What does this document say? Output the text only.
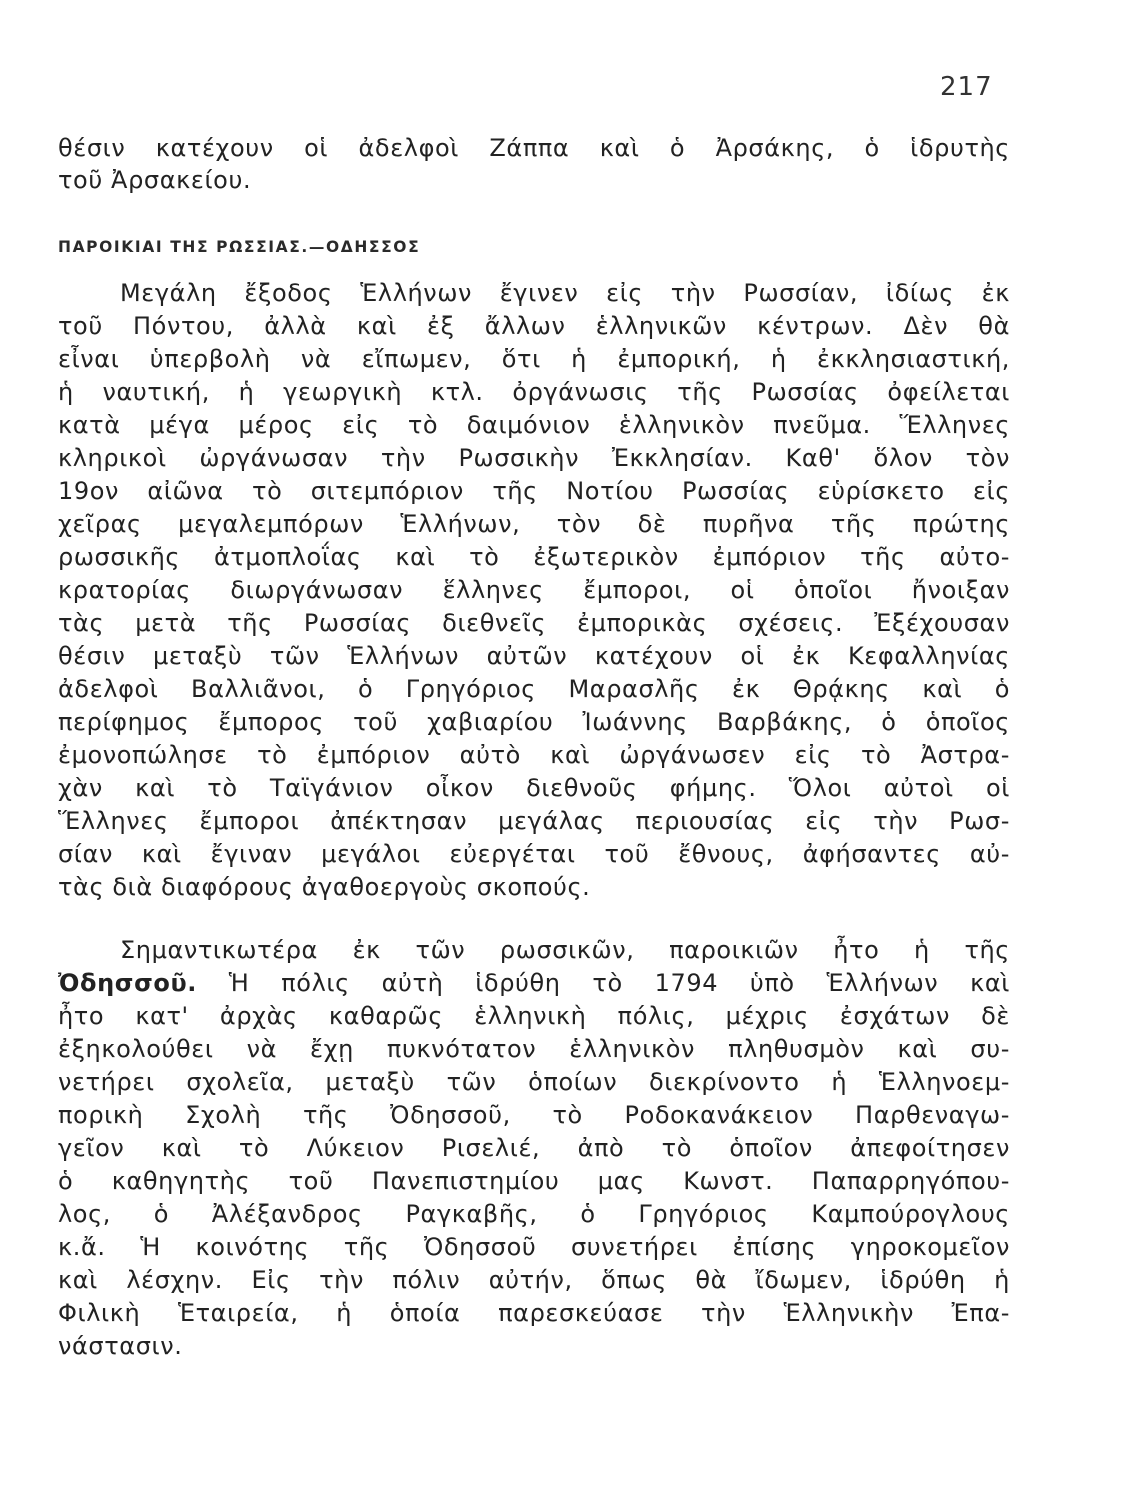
217
θέσιν κατέχουν οἱ ἀδελφοὶ Ζάππα καὶ ὁ Ἀρσάκης, ὁ ἱδρυτὴς
τοῦ Ἀρσακείου.
ΠΑΡΟΙΚΙΑΙ ΤΗΣ ΡΩΣΣΙΑΣ.—ΟΔΗΣΣΟΣ
Μεγάλη ἔξοδος Ἑλλήνων ἔγινεν εἰς τὴν Ρωσσίαν, ἰδίως ἐκ
τοῦ Πόντου, ἀλλὰ καὶ ἐξ ἄλλων ἑλληνικῶν κέντρων. Δὲν θὰ
εἶναι ὑπερβολὴ νὰ εἴπωμεν, ὅτι ἡ ἐμπορική, ἡ ἐκκλησιαστική,
ἡ ναυτική, ἡ γεωργικὴ κτλ. ὀργάνωσις τῆς Ρωσσίας ὀφείλεται
κατὰ μέγα μέρος εἰς τὸ δαιμόνιον ἑλληνικὸν πνεῦμα. Ἕλληνες
κληρικοὶ ὠργάνωσαν τὴν Ρωσσικὴν Ἐκκλησίαν. Καθ' ὅλον τὸν
19ον αἰῶνα τὸ σιτεμπόριον τῆς Νοτίου Ρωσσίας εὑρίσκετο εἰς
χεῖρας μεγαλεμπόρων Ἑλλήνων, τὸν δὲ πυρῆνα τῆς πρώτης
ρωσσικῆς ἀτμοπλοΐας καὶ τὸ ἐξωτερικὸν ἐμπόριον τῆς αὐτο-
κρατορίας διωργάνωσαν ἕλληνες ἔμποροι, οἱ ὁποῖοι ἤνοιξαν
τὰς μετὰ τῆς Ρωσσίας διεθνεῖς ἐμπορικὰς σχέσεις. Ἐξέχουσαν
θέσιν μεταξὺ τῶν Ἑλλήνων αὐτῶν κατέχουν οἱ ἐκ Κεφαλληνίας
ἀδελφοὶ Βαλλιᾶνοι, ὁ Γρηγόριος Μαρασλῆς ἐκ Θρᾴκης καὶ ὁ
περίφημος ἔμπορος τοῦ χαβιαρίου Ἰωάννης Βαρβάκης, ὁ ὁποῖος
ἐμονοπώλησε τὸ ἐμπόριον αὐτὸ καὶ ὠργάνωσεν εἰς τὸ Ἀστρα-
χὰν καὶ τὸ Ταϊγάνιον οἶκον διεθνοῦς φήμης. Ὅλοι αὐτοὶ οἱ
Ἕλληνες ἔμποροι ἀπέκτησαν μεγάλας περιουσίας εἰς τὴν Ρωσ-
σίαν καὶ ἔγιναν μεγάλοι εὐεργέται τοῦ ἔθνους, ἀφήσαντες αὐ-
τὰς διὰ διαφόρους ἀγαθοεργοὺς σκοπούς.
Σημαντικωτέρα ἐκ τῶν ρωσσικῶν, παροικιῶν ἦτο ἡ τῆς
Ὀδησσοῦ. Ἡ πόλις αὐτὴ ἱδρύθη τὸ 1794 ὑπὸ Ἑλλήνων καὶ
ἦτο κατ' ἀρχὰς καθαρῶς ἑλληνικὴ πόλις, μέχρις ἐσχάτων δὲ
ἐξηκολούθει νὰ ἔχῃ πυκνότατον ἑλληνικὸν πληθυσμὸν καὶ συ-
νετήρει σχολεῖα, μεταξὺ τῶν ὁποίων διεκρίνοντο ἡ Ἑλληνοεμ-
πορικὴ Σχολὴ τῆς Ὀδησσοῦ, τὸ Ροδοκανάκειον Παρθεναγω-
γεῖον καὶ τὸ Λύκειον Ρισελιέ, ἀπὸ τὸ ὁποῖον ἀπεφοίτησεν
ὁ καθηγητὴς τοῦ Πανεπιστημίου μας Κωνστ. Παπαρρηγόπου-
λος, ὁ Ἀλέξανδρος Ραγκαβῆς, ὁ Γρηγόριος Καμπούρογλους
κ.ἄ. Ἡ κοινότης τῆς Ὀδησσοῦ συνετήρει ἐπίσης γηροκομεῖον
καὶ λέσχην. Εἰς τὴν πόλιν αὐτήν, ὅπως θὰ ἴδωμεν, ἱδρύθη ἡ
Φιλικὴ Ἑταιρεία, ἡ ὁποία παρεσκεύασε τὴν Ἑλληνικὴν Ἐπα-
νάστασιν.
